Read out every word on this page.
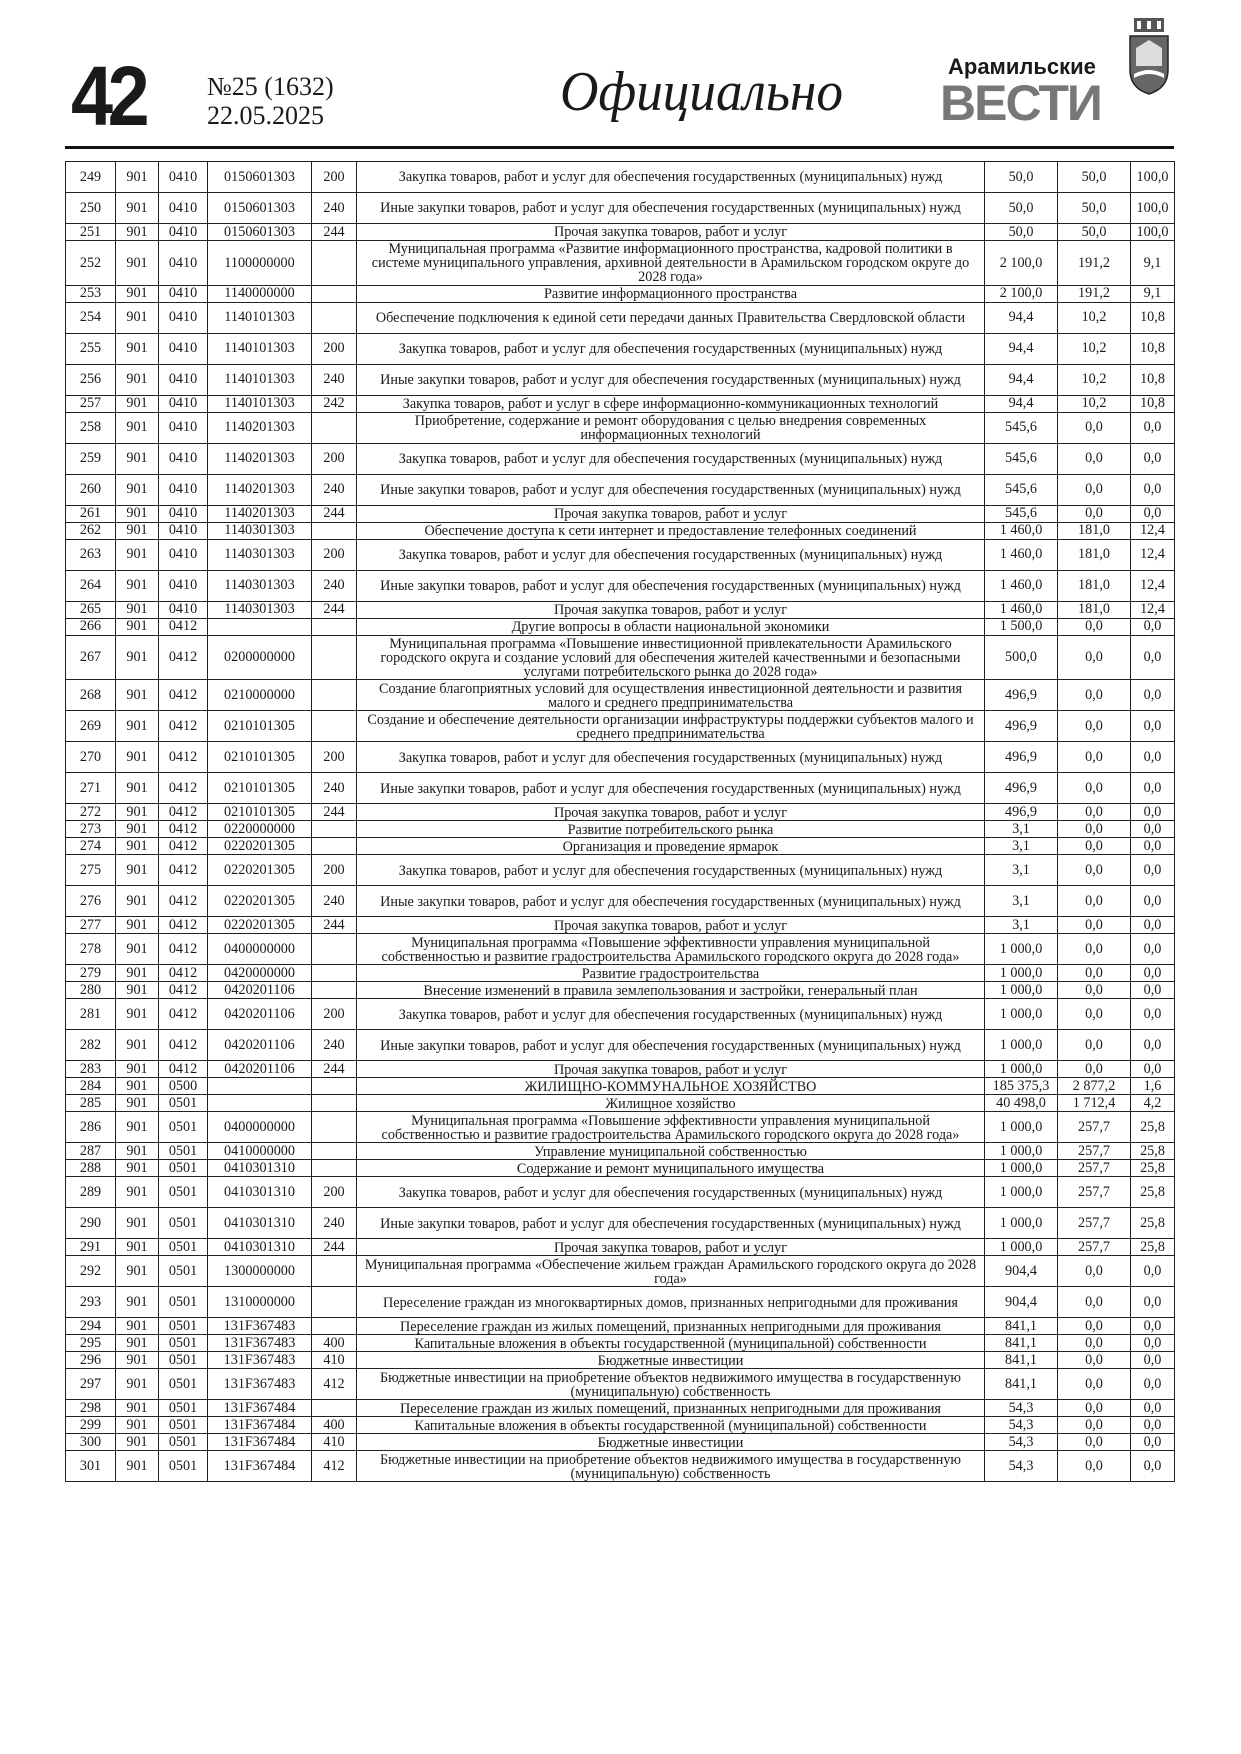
42 №25 (1632)
22.05.2025	Официально	Арамильские
ВЕСТИ
249	901	0410	0150601303	200	Закупка товаров, работ и услуг для обеспечения государственных (муниципальных) нужд	50,0	50,0	100,0
250	901	0410	0150601303	240	Иные закупки товаров, работ и услуг для обеспечения государственных (муниципальных) нужд	50,0	50,0	100,0
251	901	0410	0150601303	244	Прочая закупка товаров, работ и услуг	50,0	50,0	100,0
252	901	0410	1100000000		Муниципальная программа «Развитие информационного пространства, кадровой политики в системе муниципального управления, архивной деятельности в Арамильском городском округе до 2028 года»	2 100,0	191,2	9,1
253	901	0410	1140000000		Развитие информационного пространства	2 100,0	191,2	9,1
254	901	0410	1140101303		Обеспечение подключения к единой сети передачи данных Правительства Свердловской области	94,4	10,2	10,8
255	901	0410	1140101303	200	Закупка товаров, работ и услуг для обеспечения государственных (муниципальных) нужд	94,4	10,2	10,8
256	901	0410	1140101303	240	Иные закупки товаров, работ и услуг для обеспечения государственных (муниципальных) нужд	94,4	10,2	10,8
257	901	0410	1140101303	242	Закупка товаров, работ и услуг в сфере информационно-коммуникационных технологий	94,4	10,2	10,8
258	901	0410	1140201303		Приобретение, содержание и ремонт оборудования с целью внедрения современных информационных технологий	545,6	0,0	0,0
259	901	0410	1140201303	200	Закупка товаров, работ и услуг для обеспечения государственных (муниципальных) нужд	545,6	0,0	0,0
260	901	0410	1140201303	240	Иные закупки товаров, работ и услуг для обеспечения государственных (муниципальных) нужд	545,6	0,0	0,0
261	901	0410	1140201303	244	Прочая закупка товаров, работ и услуг	545,6	0,0	0,0
262	901	0410	1140301303		Обеспечение доступа к сети интернет и предоставление телефонных соединений	1 460,0	181,0	12,4
263	901	0410	1140301303	200	Закупка товаров, работ и услуг для обеспечения государственных (муниципальных) нужд	1 460,0	181,0	12,4
264	901	0410	1140301303	240	Иные закупки товаров, работ и услуг для обеспечения государственных (муниципальных) нужд	1 460,0	181,0	12,4
265	901	0410	1140301303	244	Прочая закупка товаров, работ и услуг	1 460,0	181,0	12,4
266	901	0412			Другие вопросы в области национальной экономики	1 500,0	0,0	0,0
267	901	0412	0200000000		Муниципальная программа «Повышение инвестиционной привлекательности Арамильского городского округа и создание условий для обеспечения жителей качественными и безопасными услугами потребительского рынка до 2028 года»	500,0	0,0	0,0
268	901	0412	0210000000		Создание благоприятных условий для осуществления инвестиционной деятельности и развития малого и среднего предпринимательства	496,9	0,0	0,0
269	901	0412	0210101305		Создание и обеспечение деятельности организации инфраструктуры поддержки субъектов малого и среднего предпринимательства	496,9	0,0	0,0
270	901	0412	0210101305	200	Закупка товаров, работ и услуг для обеспечения государственных (муниципальных) нужд	496,9	0,0	0,0
271	901	0412	0210101305	240	Иные закупки товаров, работ и услуг для обеспечения государственных (муниципальных) нужд	496,9	0,0	0,0
272	901	0412	0210101305	244	Прочая закупка товаров, работ и услуг	496,9	0,0	0,0
273	901	0412	0220000000		Развитие потребительского рынка	3,1	0,0	0,0
274	901	0412	0220201305		Организация и проведение ярмарок	3,1	0,0	0,0
275	901	0412	0220201305	200	Закупка товаров, работ и услуг для обеспечения государственных (муниципальных) нужд	3,1	0,0	0,0
276	901	0412	0220201305	240	Иные закупки товаров, работ и услуг для обеспечения государственных (муниципальных) нужд	3,1	0,0	0,0
277	901	0412	0220201305	244	Прочая закупка товаров, работ и услуг	3,1	0,0	0,0
278	901	0412	0400000000		Муниципальная программа «Повышение эффективности управления муниципальной собственностью и развитие градостроительства Арамильского городского округа до 2028 года»	1 000,0	0,0	0,0
279	901	0412	0420000000		Развитие градостроительства	1 000,0	0,0	0,0
280	901	0412	0420201106		Внесение изменений в правила землепользования и застройки, генеральный план	1 000,0	0,0	0,0
281	901	0412	0420201106	200	Закупка товаров, работ и услуг для обеспечения государственных (муниципальных) нужд	1 000,0	0,0	0,0
282	901	0412	0420201106	240	Иные закупки товаров, работ и услуг для обеспечения государственных (муниципальных) нужд	1 000,0	0,0	0,0
283	901	0412	0420201106	244	Прочая закупка товаров, работ и услуг	1 000,0	0,0	0,0
284	901	0500			ЖИЛИЩНО-КОММУНАЛЬНОЕ ХОЗЯЙСТВО	185 375,3	2 877,2	1,6
285	901	0501			Жилищное хозяйство	40 498,0	1 712,4	4,2
286	901	0501	0400000000		Муниципальная программа «Повышение эффективности управления муниципальной собственностью и развитие градостроительства Арамильского городского округа до 2028 года»	1 000,0	257,7	25,8
287	901	0501	0410000000		Управление муниципальной собственностью	1 000,0	257,7	25,8
288	901	0501	0410301310		Содержание и ремонт муниципального имущества	1 000,0	257,7	25,8
289	901	0501	0410301310	200	Закупка товаров, работ и услуг для обеспечения государственных (муниципальных) нужд	1 000,0	257,7	25,8
290	901	0501	0410301310	240	Иные закупки товаров, работ и услуг для обеспечения государственных (муниципальных) нужд	1 000,0	257,7	25,8
291	901	0501	0410301310	244	Прочая закупка товаров, работ и услуг	1 000,0	257,7	25,8
292	901	0501	1300000000		Муниципальная программа «Обеспечение жильем граждан Арамильского городского округа до 2028 года»	904,4	0,0	0,0
293	901	0501	1310000000		Переселение граждан из многоквартирных домов, признанных непригодными для проживания	904,4	0,0	0,0
294	901	0501	131F367483		Переселение граждан из жилых помещений, признанных непригодными для проживания	841,1	0,0	0,0
295	901	0501	131F367483	400	Капитальные вложения в объекты государственной (муниципальной) собственности	841,1	0,0	0,0
296	901	0501	131F367483	410	Бюджетные инвестиции	841,1	0,0	0,0
297	901	0501	131F367483	412	Бюджетные инвестиции на приобретение объектов недвижимого имущества в государственную (муниципальную) собственность	841,1	0,0	0,0
298	901	0501	131F367484		Переселение граждан из жилых помещений, признанных непригодными для проживания	54,3	0,0	0,0
299	901	0501	131F367484	400	Капитальные вложения в объекты государственной (муниципальной) собственности	54,3	0,0	0,0
300	901	0501	131F367484	410	Бюджетные инвестиции	54,3	0,0	0,0
301	901	0501	131F367484	412	Бюджетные инвестиции на приобретение объектов недвижимого имущества в государственную (муниципальную) собственность	54,3	0,0	0,0
